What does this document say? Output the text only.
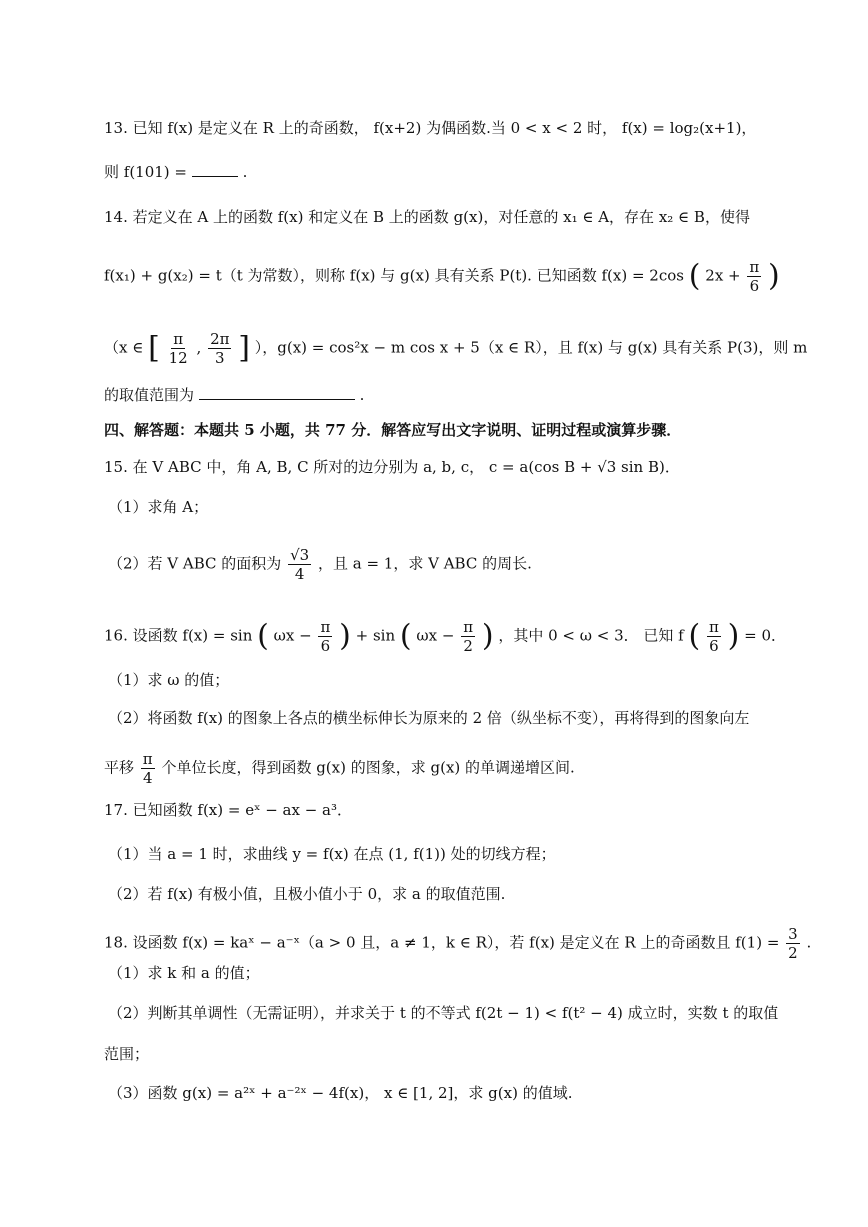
13. 已知 f(x) 是定义在 R 上的奇函数， f(x+2) 为偶函数.当 0 < x < 2 时， f(x) = log₂(x+1)，
则 f(101) =	.
14. 若定义在 A 上的函数 f(x) 和定义在 B 上的函数 g(x)，对任意的 x₁ ∈ A，存在 x₂ ∈ B，使得
f(x₁) + g(x₂) = t（t 为常数），则称 f(x) 与 g(x) 具有关系 P(t). 已知函数 f(x) = 2cos ( $2x + \frac{\pi}{6}$ )
（x ∈ [ $\frac{\pi}{12}$ , $\frac{2\pi}{3}$ ] ），g(x) = cos²x − m cos x + 5（x ∈ R），且 f(x) 与 g(x) 具有关系 P(3)，则 m
的取值范围为	.
四、解答题：本题共 5 小题，共 77 分．解答应写出文字说明、证明过程或演算步骤．
15. 在 V ABC 中，角 A, B, C 所对的边分别为 a, b, c， c = a(cos B + √3 sin B)．
（1）求角 A；
（2）若 V ABC 的面积为 $\frac{√3}{4}$ ，且 a = 1，求 V ABC 的周长.
16. 设函数 f(x) = sin ( $\omega x - \frac{\pi}{6}$ ) + sin ( $\omega x - \frac{\pi}{2}$ ) ，其中 0 < ω < 3． 已知 f ( $\frac{\pi}{6}$ ) = 0．
（1）求 ω 的值；
（2）将函数 f(x) 的图象上各点的横坐标伸长为原来的 2 倍（纵坐标不变），再将得到的图象向左
平移 $\frac{\pi}{4}$ 个单位长度，得到函数 g(x) 的图象，求 g(x) 的单调递增区间.
17. 已知函数 f(x) = eˣ − ax − a³．
（1）当 a = 1 时，求曲线 y = f(x) 在点 (1, f(1)) 处的切线方程；
（2）若 f(x) 有极小值，且极小值小于 0，求 a 的取值范围.
18. 设函数 f(x) = kaˣ − a⁻ˣ（a > 0 且，a ≠ 1，k ∈ R），若 f(x) 是定义在 R 上的奇函数且 $f(1) = \frac{3}{2}$ .
（1）求 k 和 a 的值；
（2）判断其单调性（无需证明），并求关于 t 的不等式 f(2t − 1) < f(t² − 4) 成立时，实数 t 的取值
范围；
（3）函数 g(x) = a²ˣ + a⁻²ˣ − 4f(x)， x ∈ [1, 2]，求 g(x) 的值域.
